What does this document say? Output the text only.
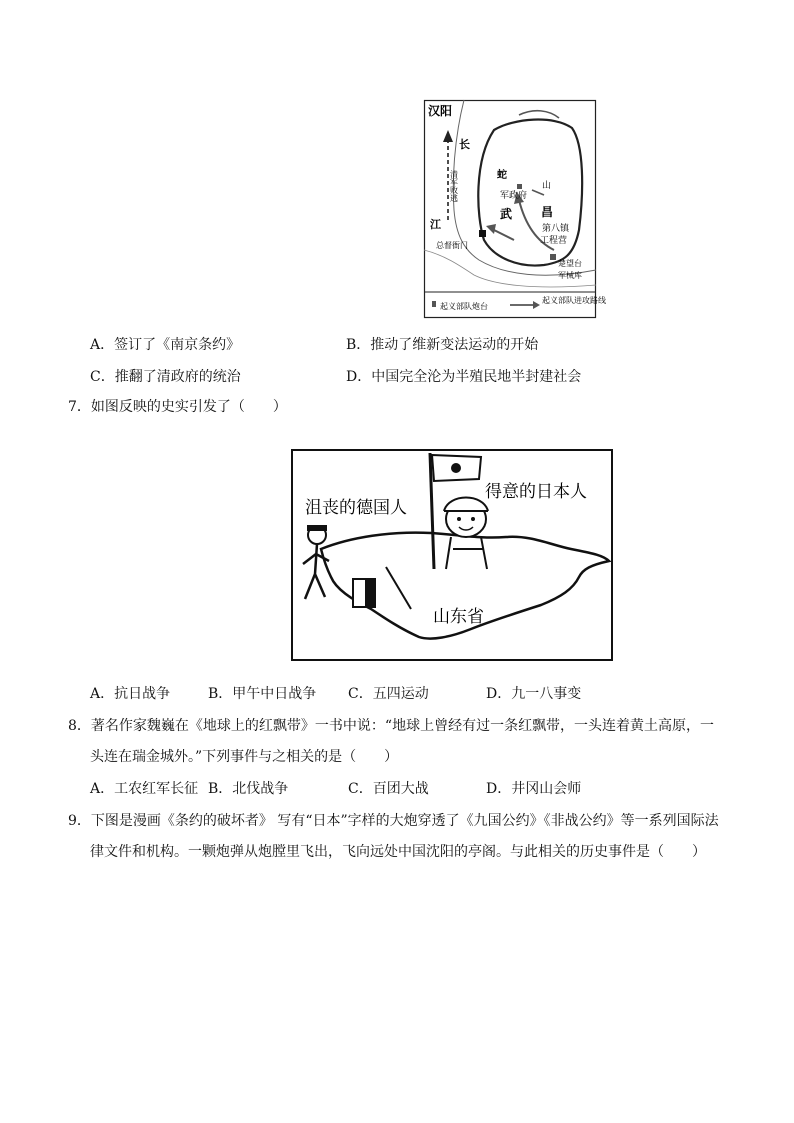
汉阳
长
江
清军败逃	蛇
山
军政府
武 昌
第八镇
工程营
总督衙门
楚望台
军械库
起义部队炮台
起义部队进攻路线
A．签订了《南京条约》	B．推动了维新变法运动的开始
C．推翻了清政府的统治	D．中国完全沦为半殖民地半封建社会
7．如图反映的史实引发了（　　）
沮丧的德国人
得意的日本人
山东省
A．抗日战争	B．甲午中日战争 C．五四运动	D．九一八事变
8．著名作家魏巍在《地球上的红飘带》一书中说：“地球上曾经有过一条红飘带，一头连着黄土高原，一
头连在瑞金城外。”下列事件与之相关的是（　　）
A．工农红军长征 B．北伐战争	C．百团大战	D．井冈山会师
9．下图是漫画《条约的破坏者》 写有“日本”字样的大炮穿透了《九国公约》《非战公约》等一系列国际法
律文件和机构。一颗炮弹从炮膛里飞出，飞向远处中国沈阳的亭阁。与此相关的历史事件是（　　）
